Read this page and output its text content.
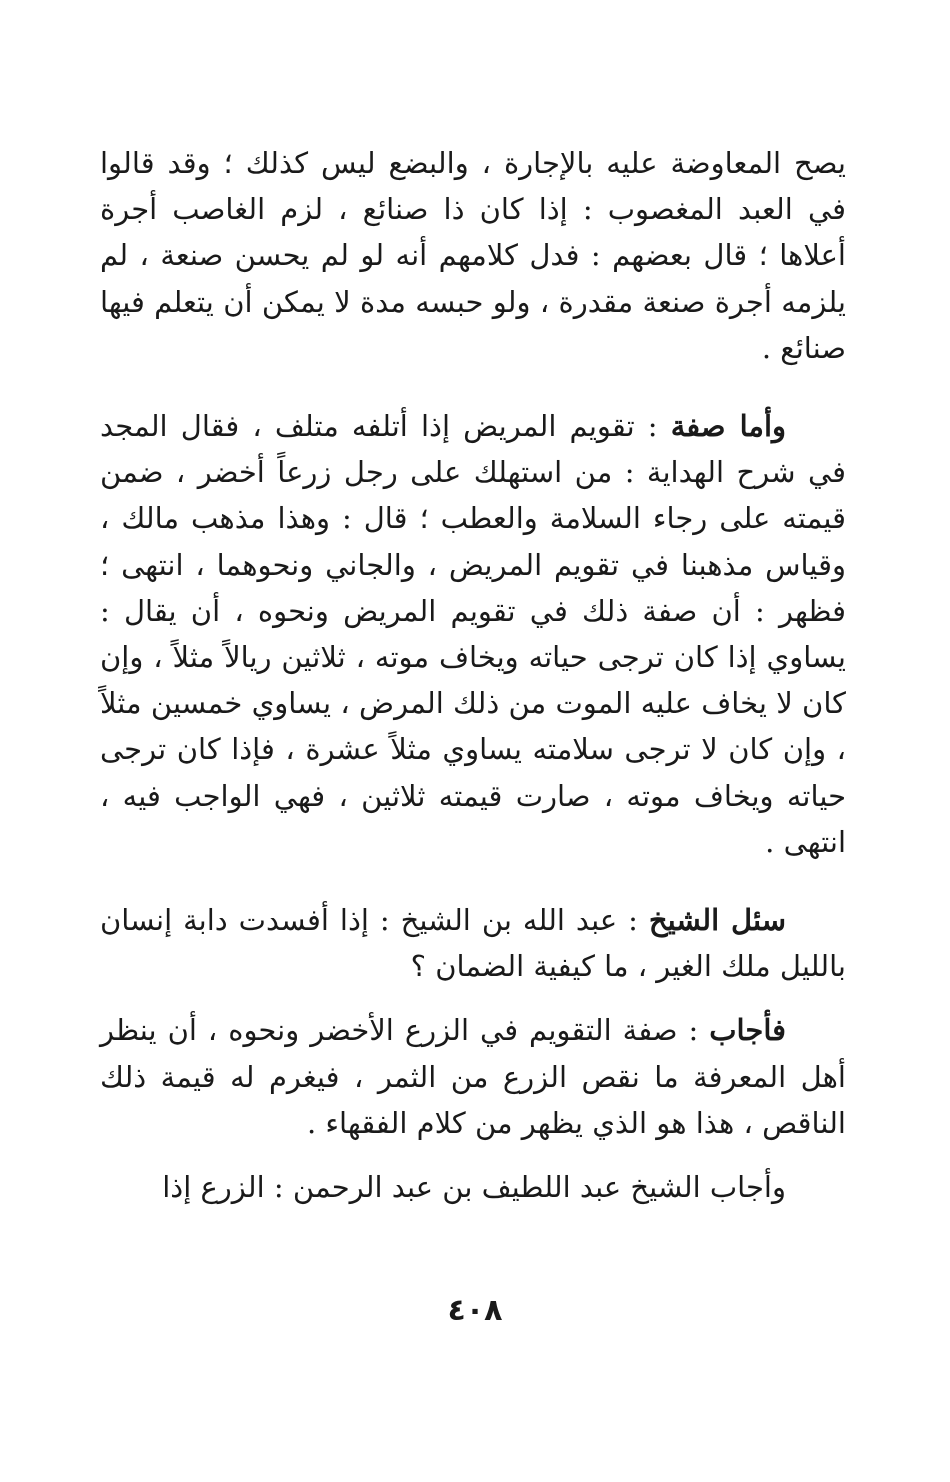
يصح المعاوضة عليه بالإجارة ، والبضع ليس كذلك ؛ وقد قالوا في العبد المغصوب : إذا كان ذا صنائع ، لزم الغاصب أجرة أعلاها ؛ قال بعضهم : فدل كلامهم أنه لو لم يحسن صنعة ، لم يلزمه أجرة صنعة مقدرة ، ولو حبسه مدة لا يمكن أن يتعلم فيها صنائع .

وأما صفة : تقويم المريض إذا أتلفه متلف ، فقال المجد في شرح الهداية : من استهلك على رجل زرعاً أخضر ، ضمن قيمته على رجاء السلامة والعطب ؛ قال : وهذا مذهب مالك ، وقياس مذهبنا في تقويم المريض ، والجاني ونحوهما ، انتهى ؛ فظهر : أن صفة ذلك في تقويم المريض ونحوه ، أن يقال : يساوي إذا كان ترجى حياته ويخاف موته ، ثلاثين ريالاً مثلاً ، وإن كان لا يخاف عليه الموت من ذلك المرض ، يساوي خمسين مثلاً ، وإن كان لا ترجى سلامته يساوي مثلاً عشرة ، فإذا كان ترجى حياته ويخاف موته ، صارت قيمته ثلاثين ، فهي الواجب فيه ، انتهى .

سئل الشيخ : عبد الله بن الشيخ : إذا أفسدت دابة إنسان بالليل ملك الغير ، ما كيفية الضمان ؟

فأجاب : صفة التقويم في الزرع الأخضر ونحوه ، أن ينظر أهل المعرفة ما نقص الزرع من الثمر ، فيغرم له قيمة ذلك الناقص ، هذا هو الذي يظهر من كلام الفقهاء .

وأجاب الشيخ عبد اللطيف بن عبد الرحمن : الزرع إذا

٤٠٨
